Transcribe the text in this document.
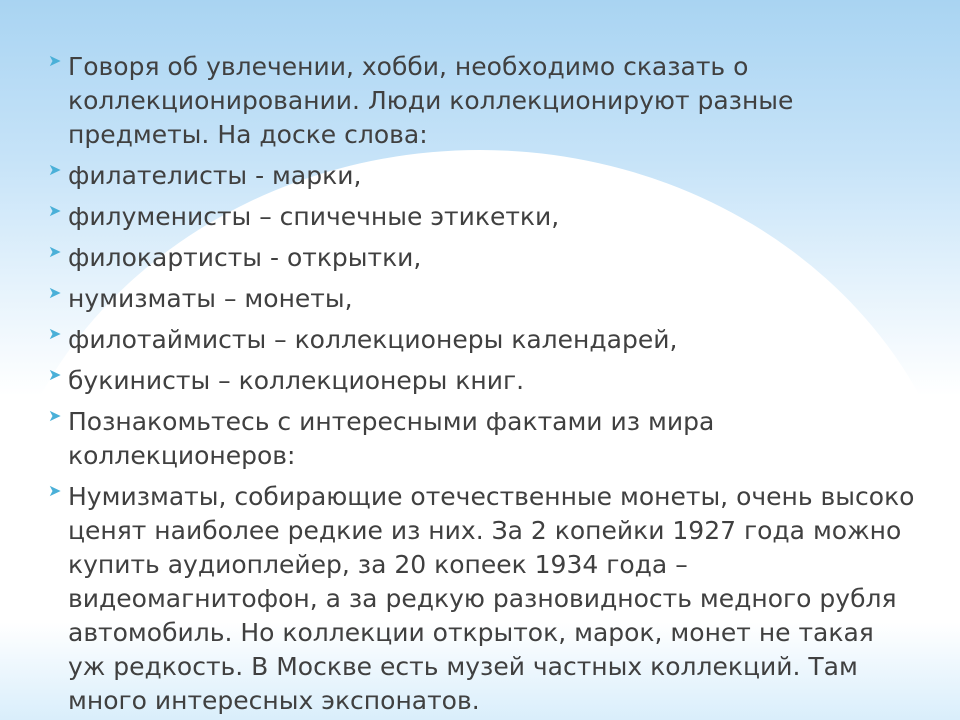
➤ Говоря об увлечении, хобби, необходимо сказать о коллекционировании. Люди коллекционируют разные предметы. На доске слова:
➤ филателисты - марки,
➤ филуменисты – спичечные этикетки,
➤ филокартисты - открытки,
➤ нумизматы – монеты,
➤ филотаймисты – коллекционеры календарей,
➤ букинисты – коллекционеры книг.
➤ Познакомьтесь с интересными фактами из мира коллекционеров:
➤ Нумизматы, собирающие отечественные монеты, очень высоко ценят наиболее редкие из них. За 2 копейки 1927 года можно купить аудиоплейер, за 20 копеек 1934 года – видеомагнитофон, а за редкую разновидность медного рубля автомобиль. Но коллекции открыток, марок, монет не такая уж редкость. В Москве есть музей частных коллекций. Там много интересных экспонатов.
